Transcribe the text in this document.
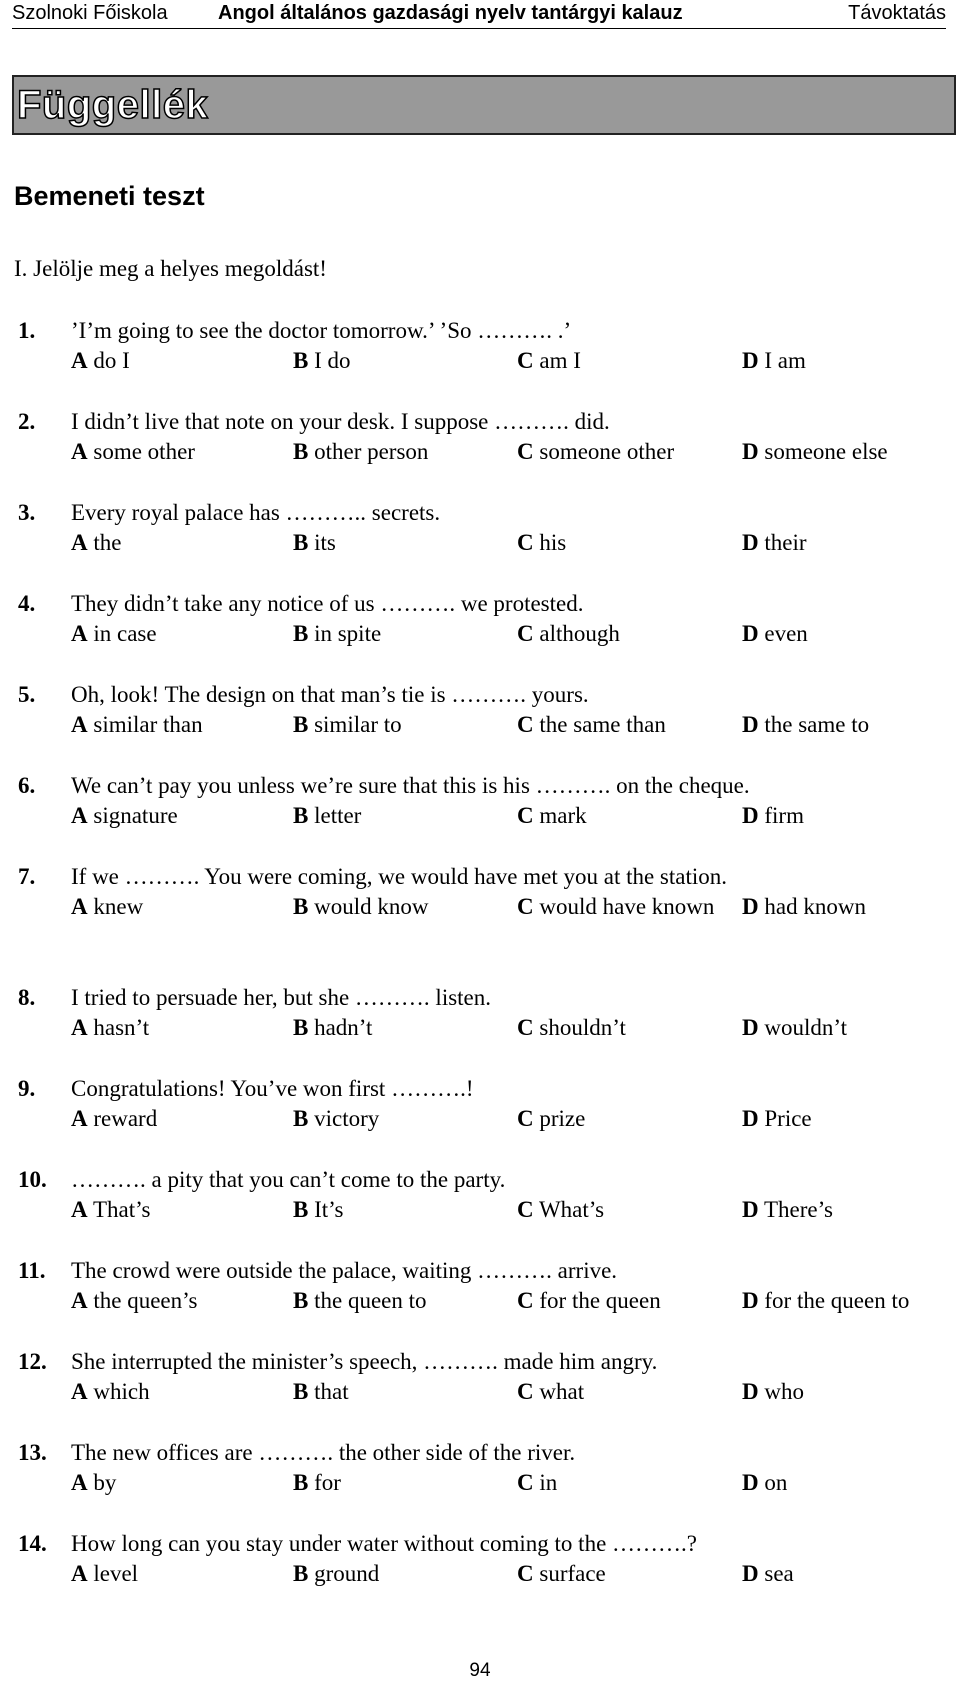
Szolnoki Főiskola	Angol általános gazdasági nyelv tantárgyi kalauz	Távoktatás
Függellék
Bemeneti teszt
I. Jelölje meg a helyes megoldást!
1. ’I’m going to see the doctor tomorrow.’ ’So ………. .’
A do I	B I do	C am I	D I am
2. I didn’t live that note on your desk. I suppose ………. did.
A some other	B other person	C someone other	D someone else
3. Every royal palace has ……….. secrets.
A the	B its	C his	D their
4. They didn’t take any notice of us ………. we protested.
A in case	B in spite	C although	D even
5. Oh, look! The design on that man’s tie is ………. yours.
A similar than	B similar to	C the same than	D the same to
6. We can’t pay you unless we’re sure that this is his ………. on the cheque.
A signature	B letter	C mark	D firm
7. If we ………. You were coming, we would have met you at the station.
A knew	B would know	C would have known D had known
8. I tried to persuade her, but she ………. listen.
A hasn’t	B hadn’t	C shouldn’t	D wouldn’t
9. Congratulations! You’ve won first ……….!
A reward	B victory	C prize	D Price
10. ………. a pity that you can’t come to the party.
A That’s	B It’s	C What’s	D There’s
11. The crowd were outside the palace, waiting ………. arrive.
A the queen’s	B the queen to	C for the queen	D for the queen to
12. She interrupted the minister’s speech, ………. made him angry.
A which	B that	C what	D who
13. The new offices are ………. the other side of the river.
A by	B for	C in	D on
14. How long can you stay under water without coming to the ……….?
A level	B ground	C surface	D sea
94
